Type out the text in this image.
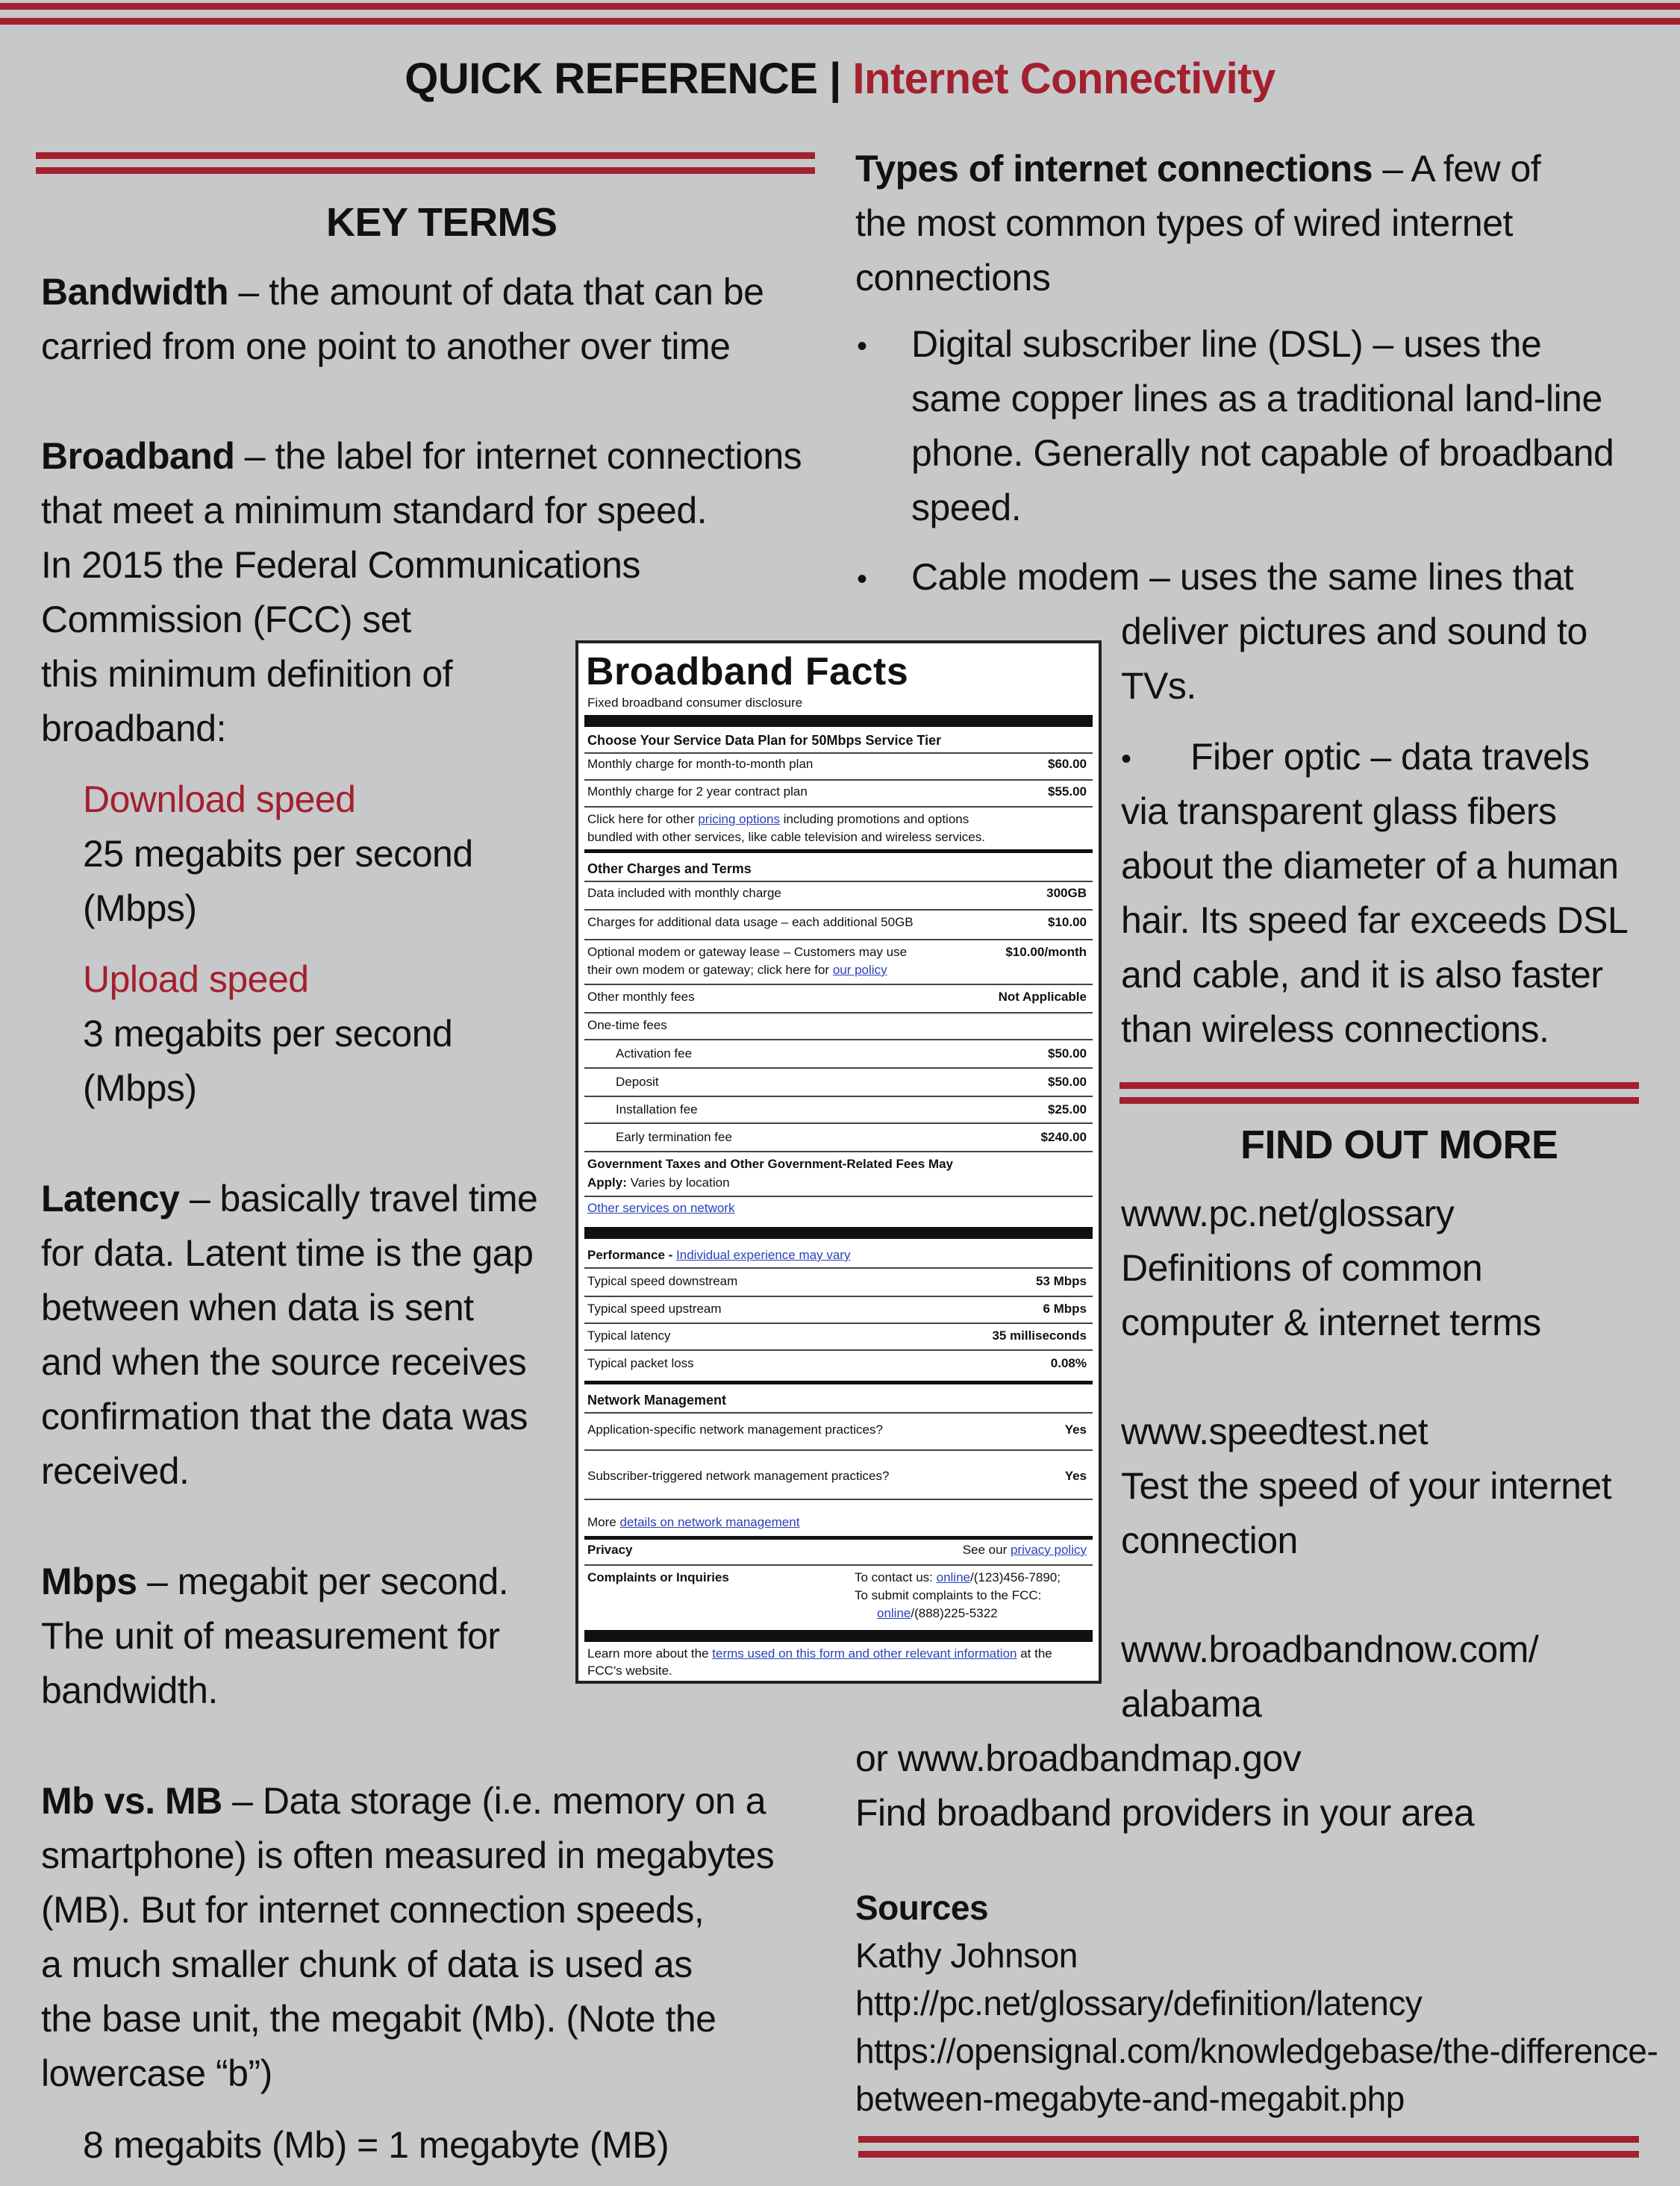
QUICK REFERENCE | Internet Connectivity
KEY TERMS
Bandwidth – the amount of data that can be
carried from one point to another over time
Broadband – the label for internet connections
that meet a minimum standard for speed.
In 2015 the Federal Communications
Commission (FCC) set
this minimum definition of
broadband:
Download speed
25 megabits per second
(Mbps)
Upload speed
3 megabits per second
(Mbps)
Latency – basically travel time
for data. Latent time is the gap
between when data is sent
and when the source receives
confirmation that the data was
received.
Mbps – megabit per second.
The unit of measurement for
bandwidth.
Mb vs. MB – Data storage (i.e. memory on a
smartphone) is often measured in megabytes
(MB). But for internet connection speeds,
a much smaller chunk of data is used as
the base unit, the megabit (Mb). (Note the
lowercase “b”)
8 megabits (Mb) = 1 megabyte (MB)
Types of internet connections – A few of
the most common types of wired internet
connections
• Digital subscriber line (DSL) – uses the
same copper lines as a traditional land-line
phone. Generally not capable of broadband
speed.
• Cable modem – uses the same lines that
deliver pictures and sound to
TVs.
• Fiber optic – data travels
via transparent glass fibers
about the diameter of a human
hair. Its speed far exceeds DSL
and cable, and it is also faster
than wireless connections.
FIND OUT MORE
www.pc.net/glossary
Definitions of common
computer & internet terms
www.speedtest.net
Test the speed of your internet
connection
www.broadbandnow.com/
alabama
or www.broadbandmap.gov
Find broadband providers in your area
Sources
Kathy Johnson
http://pc.net/glossary/definition/latency
https://opensignal.com/knowledgebase/the-difference-
between-megabyte-and-megabit.php
Broadband Facts
Fixed broadband consumer disclosure
Choose Your Service Data Plan for 50Mbps Service Tier
Monthly charge for month-to-month plan	$60.00
Monthly charge for 2 year contract plan	$55.00
Click here for other pricing options including promotions and options
bundled with other services, like cable television and wireless services.
Other Charges and Terms
Data included with monthly charge	300GB
Charges for additional data usage – each additional 50GB	$10.00
Optional modem or gateway lease – Customers may use	$10.00/month
their own modem or gateway; click here for our policy
Other monthly fees	Not Applicable
One-time fees
Activation fee	$50.00
Deposit	$50.00
Installation fee	$25.00
Early termination fee	$240.00
Government Taxes and Other Government-Related Fees May
Apply: Varies by location
Other services on network
Performance - Individual experience may vary
Typical speed downstream	53 Mbps
Typical speed upstream	6 Mbps
Typical latency	35 milliseconds
Typical packet loss	0.08%
Network Management
Application-specific network management practices?	Yes
Subscriber-triggered network management practices?	Yes
More details on network management
Privacy	See our privacy policy
Complaints or Inquiries	To contact us: online/(123)456-7890;
To submit complaints to the FCC:
online/(888)225-5322
Learn more about the terms used on this form and other relevant information at the
FCC's website.
